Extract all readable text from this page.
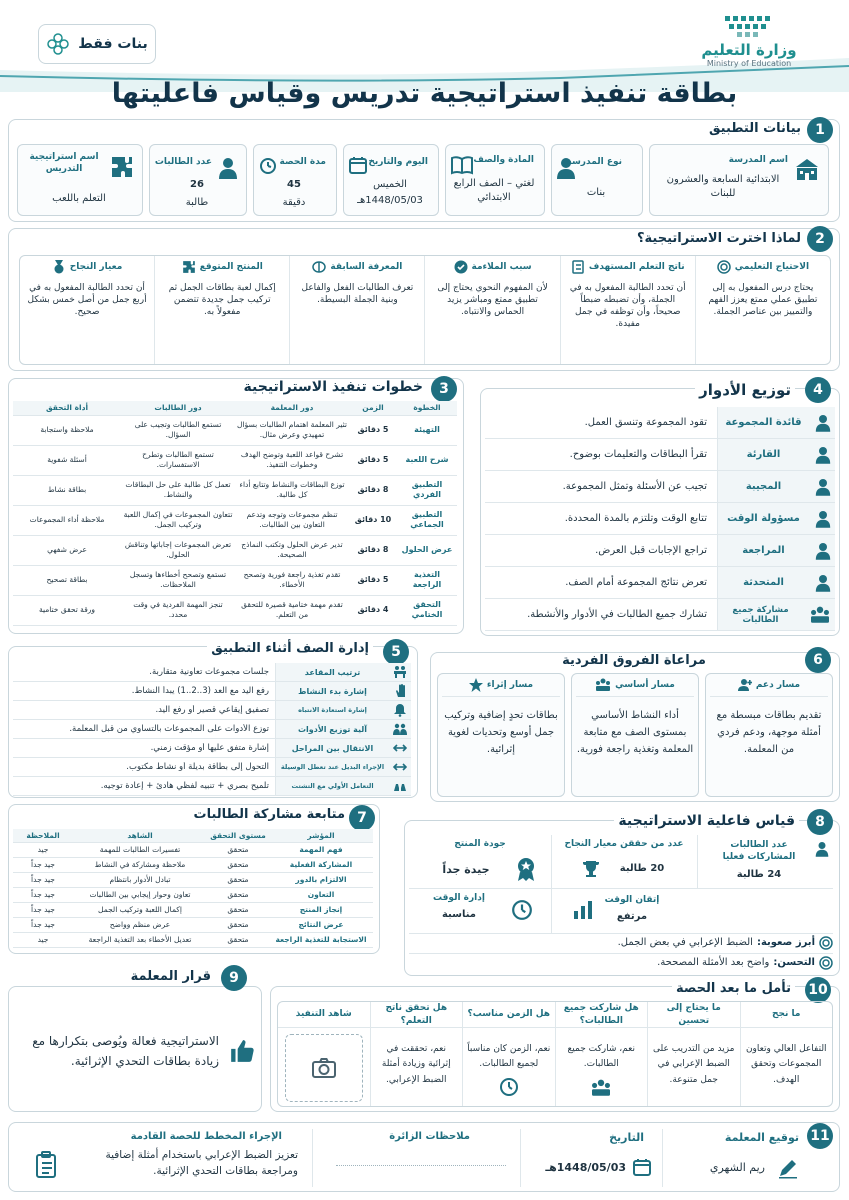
وزارة التعليم
Ministry of Education
بنات فقط
بطاقة تنفيذ استراتيجية تدريس وقياس فاعليتها
1
بيانات التطبيق
اسم المدرسة
الابتدائية السابعة والعشرون للبنات
نوع المدرسة
بنات
المادة والصف
لغتي – الصف الرابع الابتدائي
اليوم والتاريخ
الخميس
1448/05/03هـ
مدة الحصة
45
دقيقة
عدد الطالبات
26
طالبة
اسم استراتيجية التدريس
التعلم باللعب
2
لماذا اخترت الاستراتيجية؟
الاحتياج التعليمي
يحتاج درس المفعول به إلى تطبيق عملي ممتع يعزز الفهم والتمييز بين عناصر الجملة.
ناتج التعلم المستهدف
أن تحدد الطالبة المفعول به في الجملة، وأن تضبطه ضبطاً صحيحاً، وأن توظفه في جمل مفيدة.
سبب الملاءمة
لأن المفهوم النحوي يحتاج إلى تطبيق ممتع ومباشر يزيد الحماس والانتباه.
المعرفة السابقة
تعرف الطالبات الفعل والفاعل وبنية الجملة البسيطة.
المنتج المتوقع
إكمال لعبة بطاقات الجمل ثم تركيب جمل جديدة تتضمن مفعولاً به.
معيار النجاح
أن تحدد الطالبة المفعول به في أربع جمل من أصل خمس بشكل صحيح.
3
خطوات تنفيذ الاستراتيجية
الخطوة	الزمن	دور المعلمة	دور الطالبات	أداة التحقق
التهيئة	5 دقائق	تثير المعلمة اهتمام الطالبات بسؤال تمهيدي وعرض مثال.	تستمع الطالبات وتجيب على السؤال.	ملاحظة واستجابة
شرح اللعبة	5 دقائق	تشرح قواعد اللعبة وتوضح الهدف وخطوات التنفيذ.	تستمع الطالبات وتطرح الاستفسارات.	أسئلة شفوية
التطبيق الفردي	8 دقائق	توزع البطاقات والنشاط وتتابع أداء كل طالبة.	تعمل كل طالبة على حل البطاقات والنشاط.	بطاقة نشاط
التطبيق الجماعي	10 دقائق	تنظم مجموعات وتوجه وتدعم التعاون بين الطالبات.	تتعاون المجموعات في إكمال اللعبة وتركيب الجمل.	ملاحظة أداء المجموعات
عرض الحلول	8 دقائق	تدير عرض الحلول وتكتب النماذج الصحيحة.	تعرض المجموعات إجاباتها وتناقش الحلول.	عرض شفهي
التغذية الراجعة	5 دقائق	تقدم تغذية راجعة فورية وتصحح الأخطاء.	تستمع وتصحح أخطاءها وتسجل الملاحظات.	بطاقة تصحيح
التحقق الختامي	4 دقائق	تقدم مهمة ختامية قصيرة للتحقق من التعلم.	تنجز المهمة الفردية في وقت محدد.	ورقة تحقق ختامية
4
توزيع الأدوار
قائدة المجموعة
تقود المجموعة وتنسق العمل.
القارئة
تقرأ البطاقات والتعليمات بوضوح.
المجيبة
تجيب عن الأسئلة وتمثل المجموعة.
مسؤولة الوقت
تتابع الوقت وتلتزم بالمدة المحددة.
المراجعة
تراجع الإجابات قبل العرض.
المتحدثة
تعرض نتائج المجموعة أمام الصف.
مشاركة جميع الطالبات
تشارك جميع الطالبات في الأدوار والأنشطة.
5
إدارة الصف أثناء التطبيق
ترتيب المقاعد
جلسات مجموعات تعاونية متقاربة.
إشارة بدء النشاط
رفع اليد مع العد (3..2..1) يبدأ النشاط.
إشارة استعادة الانتباه
تصفيق إيقاعي قصير أو رفع اليد.
آلية توزيع الأدوات
توزع الأدوات على المجموعات بالتساوي من قبل المعلمة.
الانتقال بين المراحل
إشارة متفق عليها أو مؤقت زمني.
الإجراء البديل عند تعطل الوسيلة
التحول إلى بطاقة بديلة أو نشاط مكتوب.
التعامل الأولي مع التشتت
تلميح بصري + تنبيه لفظي هادئ + إعادة توجيه.
6
مراعاة الفروق الفردية
مسار دعم
تقديم بطاقات مبسطة مع أمثلة موجهة، ودعم فردي من المعلمة.
مسار أساسي
أداء النشاط الأساسي بمستوى الصف مع متابعة المعلمة وتغذية راجعة فورية.
مسار إثراء
بطاقات تحدٍ إضافية وتركيب جمل أوسع وتحديات لغوية إثرائية.
7
متابعة مشاركة الطالبات
المؤشر	مستوى التحقق	الشاهد	الملاحظة
فهم المهمة	متحقق	تفسيرات الطالبات للمهمة	جيد
المشاركة الفعلية	متحقق	ملاحظة ومشاركة في النشاط	جيد جداً
الالتزام بالدور	متحقق	تبادل الأدوار بانتظام	جيد جداً
التعاون	متحقق	تعاون وحوار إيجابي بين الطالبات	جيد جداً
إنجاز المنتج	متحقق	إكمال اللعبة وتركيب الجمل	جيد جداً
عرض النتائج	متحقق	عرض منظم وواضح	جيد جداً
الاستجابة للتغذية الراجعة	متحقق	تعديل الأخطاء بعد التغذية الراجعة	جيد
8
قياس فاعلية الاستراتيجية
عدد الطالبات المشاركات فعليا
24 طالبة
عدد من حققن معيار النجاح
20 طالبة
جودة المنتج
جيدة جداً
إتقان الوقت
مرتفع
إدارة الوقت
مناسبة
أبرز صعوبة:
الضبط الإعرابي في بعض الجمل.
التحسن:
واضح بعد الأمثلة المصححة.
9
قرار المعلمة
الاستراتيجية فعالة ويُوصى بتكرارها مع زيادة بطاقات التحدي الإثرائية.
10
تأمل ما بعد الحصة
ما نجح
التفاعل العالي وتعاون المجموعات وتحقق الهدف.
ما يحتاج إلى تحسين
مزيد من التدريب على الضبط الإعرابي في جمل متنوعة.
هل شاركت جميع الطالبات؟
نعم، شاركت جميع الطالبات.
هل الزمن مناسب؟
نعم، الزمن كان مناسباً لجميع الطالبات.
هل تحقق ناتج التعلم؟
نعم، تحققت في إثرائية وزيادة أمثلة الضبط الإعرابي.
شاهد التنفيذ
11
توقيع المعلمة
ريم الشهري
التاريخ
1448/05/03هـ
ملاحظات الزائرة
الإجراء المخطط للحصة القادمة
تعزيز الضبط الإعرابي باستخدام أمثلة إضافية ومراجعة بطاقات التحدي الإثرائية.
